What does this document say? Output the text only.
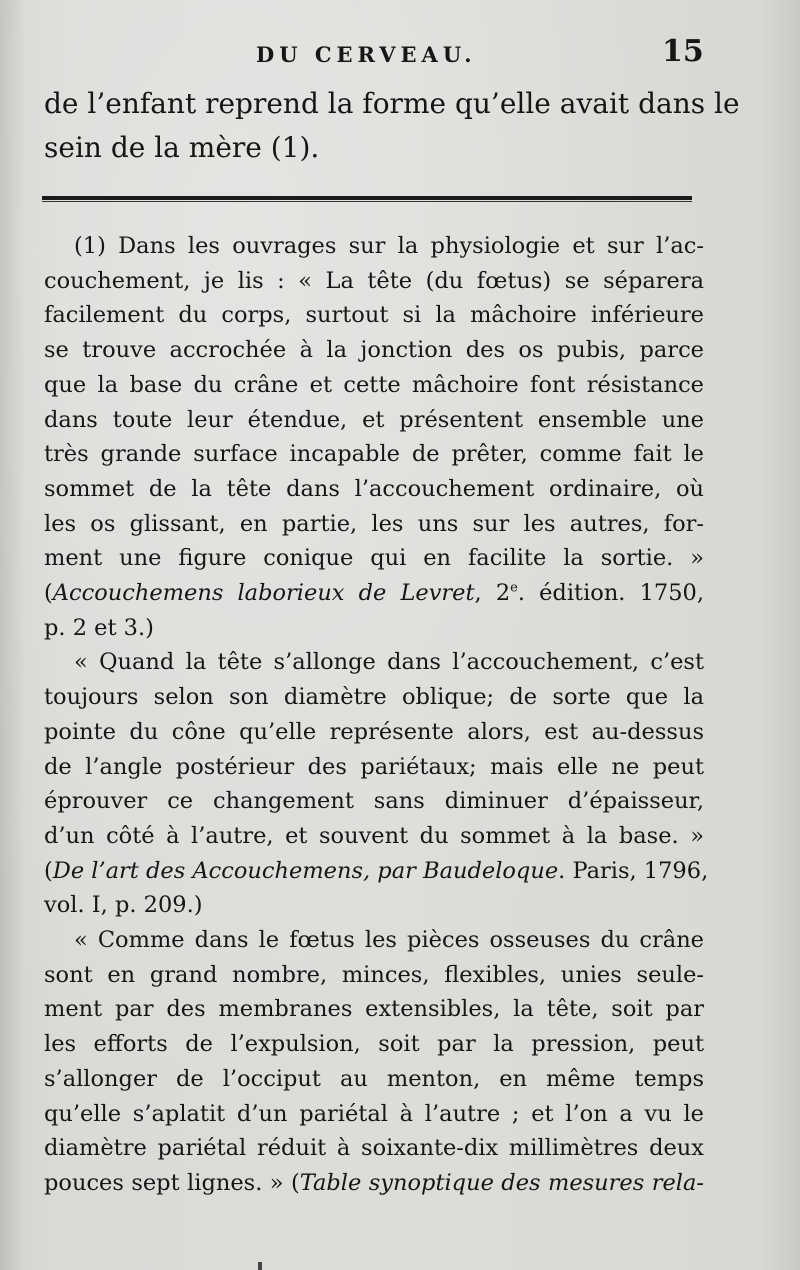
DU CERVEAU.	15
de l’enfant reprend la forme qu’elle avait dans le
sein de la mère (1).
(1) Dans les ouvrages sur la physiologie et sur l’ac-
couchement, je lis : « La tête (du fœtus) se séparera
facilement du corps, surtout si la mâchoire inférieure
se trouve accrochée à la jonction des os pubis, parce
que la base du crâne et cette mâchoire font résistance
dans toute leur étendue, et présentent ensemble une
très grande surface incapable de prêter, comme fait le
sommet de la tête dans l’accouchement ordinaire, où
les os glissant, en partie, les uns sur les autres, for-
ment une figure conique qui en facilite la sortie. »
(Accouchemens laborieux de Levret, 2e. édition. 1750,
p. 2 et 3.)
« Quand la tête s’allonge dans l’accouchement, c’est
toujours selon son diamètre oblique; de sorte que la
pointe du cône qu’elle représente alors, est au-dessus
de l’angle postérieur des pariétaux; mais elle ne peut
éprouver ce changement sans diminuer d’épaisseur,
d’un côté à l’autre, et souvent du sommet à la base. »
(De l’art des Accouchemens, par Baudeloque. Paris, 1796,
vol. I, p. 209.)
« Comme dans le fœtus les pièces osseuses du crâne
sont en grand nombre, minces, flexibles, unies seule-
ment par des membranes extensibles, la tête, soit par
les efforts de l’expulsion, soit par la pression, peut
s’allonger de l’occiput au menton, en même temps
qu’elle s’aplatit d’un pariétal à l’autre ; et l’on a vu le
diamètre pariétal réduit à soixante-dix millimètres deux
pouces sept lignes. » (Table synoptique des mesures rela-
